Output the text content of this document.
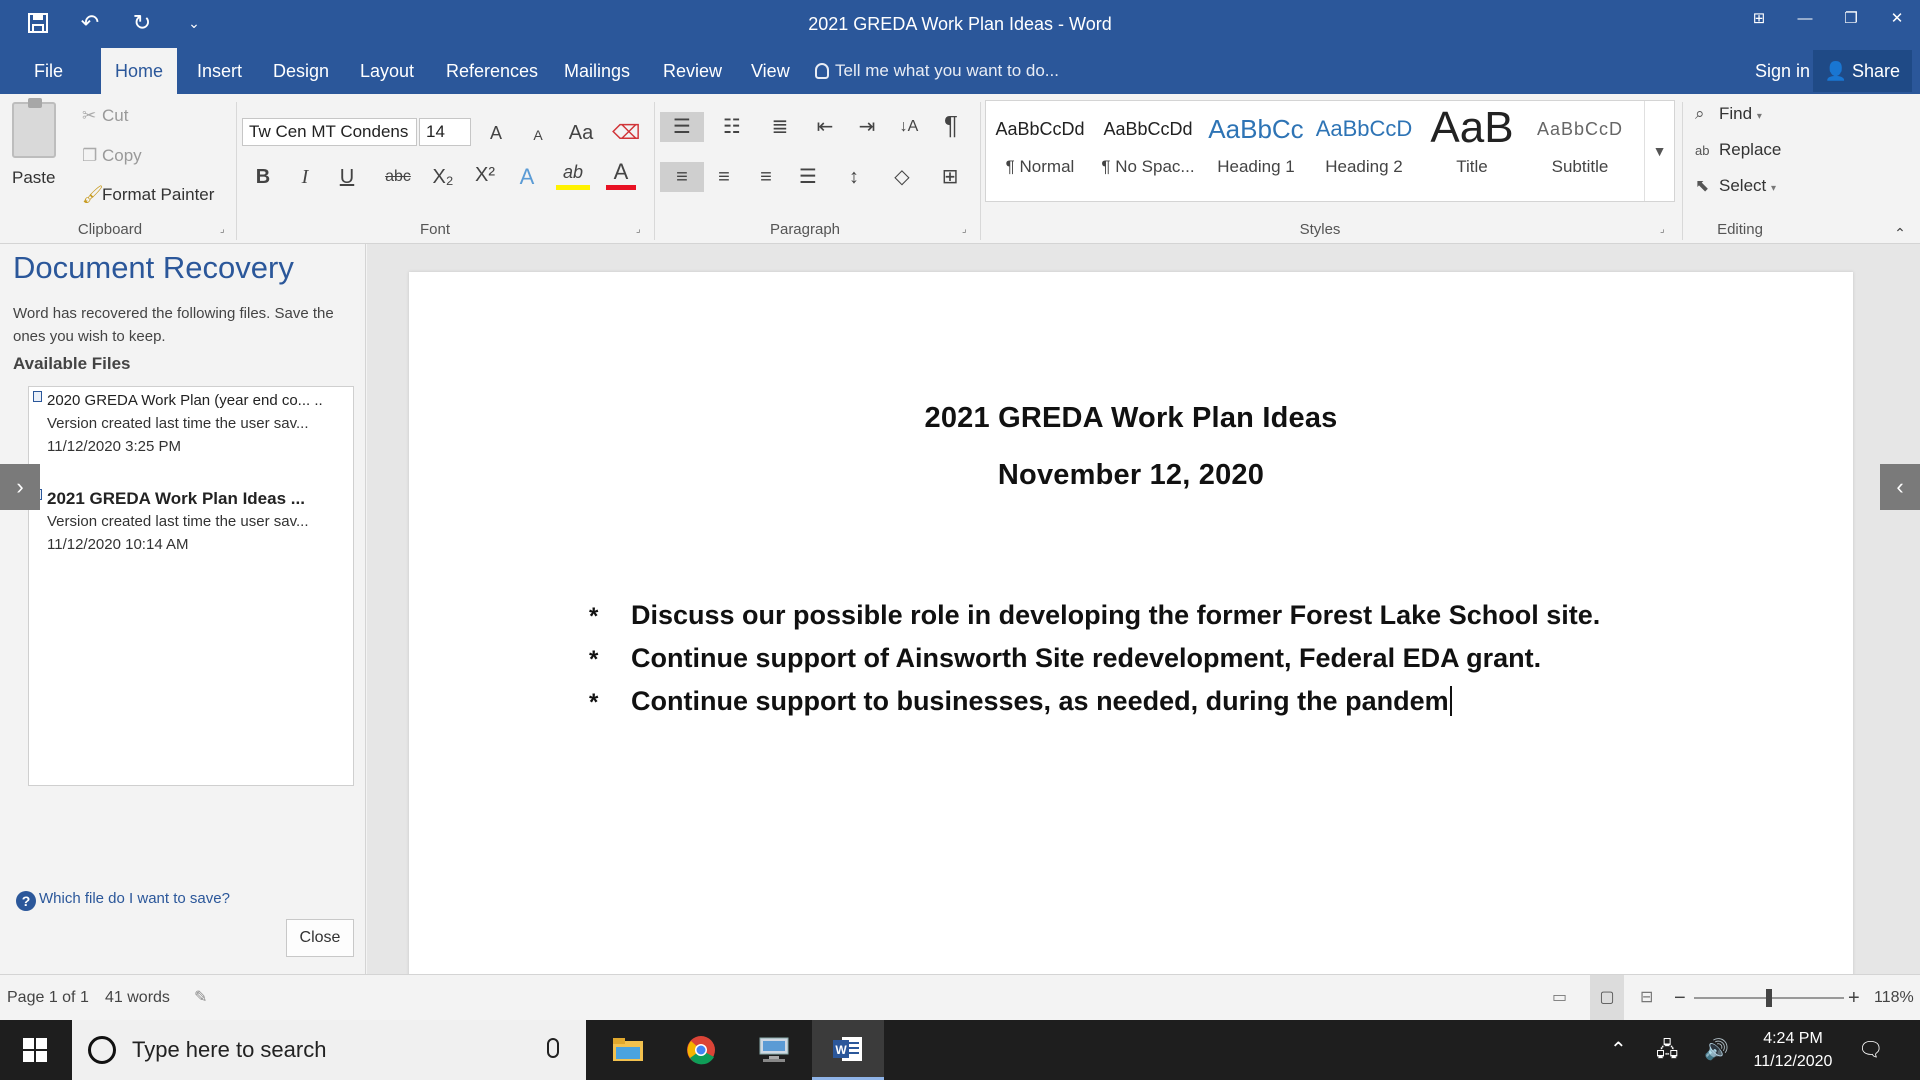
↶	↻	⌄	2021 GREDA Work Plan Ideas - Word	⊞	—	❐	✕
File	Home	Insert	Design	Layout	References	Mailings	Review	View	Tell me what you want to do...	Sign in 👤 Share
Paste
✂ Cut
❐ Copy
🖌Format Painter
Clipboard	⌟
Tw Cen MT Condens	14	A	A	Aa ⌫
B	I	U	abc	X₂	X²	A	ab	A
Font	⌟
☰	☷	≣	⇤	⇥	↓A ¶
≡	≡	≡	☰	↕	◇	⊞
Paragraph	⌟
AaBbCcDd
¶ Normal
AaBbCcDd
¶ No Spac...
AaBbCc
Heading 1
AaBbCcD
Heading 2
AaB
Title
AaBbCcD
Subtitle
▼
Styles	⌟
⌕ Find ▾
ab Replace
⬉ Select ▾
Editing	⌃
Document Recovery
Word has recovered the following files. Save the ones you wish to keep.
Available Files
2020 GREDA Work Plan (year end co... ..
Version created last time the user sav...
11/12/2020 3:25 PM
2021 GREDA Work Plan Ideas ...
Version created last time the user sav...
11/12/2020 10:14 AM
? Which file do I want to save?
Close
›
2021 GREDA Work Plan Ideas
November 12, 2020
* Discuss our possible role in developing the former Forest Lake School site.
* Continue support of Ainsworth Site redevelopment, Federal EDA grant.
* Continue support to businesses, as needed, during the pandem
‹
Page 1 of 1 41 words ✎	▭	▢	⊟ −	+ 118%
Type here to search	W	⌃ 🖧 🔊
4:24 PM
11/12/2020
🗨
